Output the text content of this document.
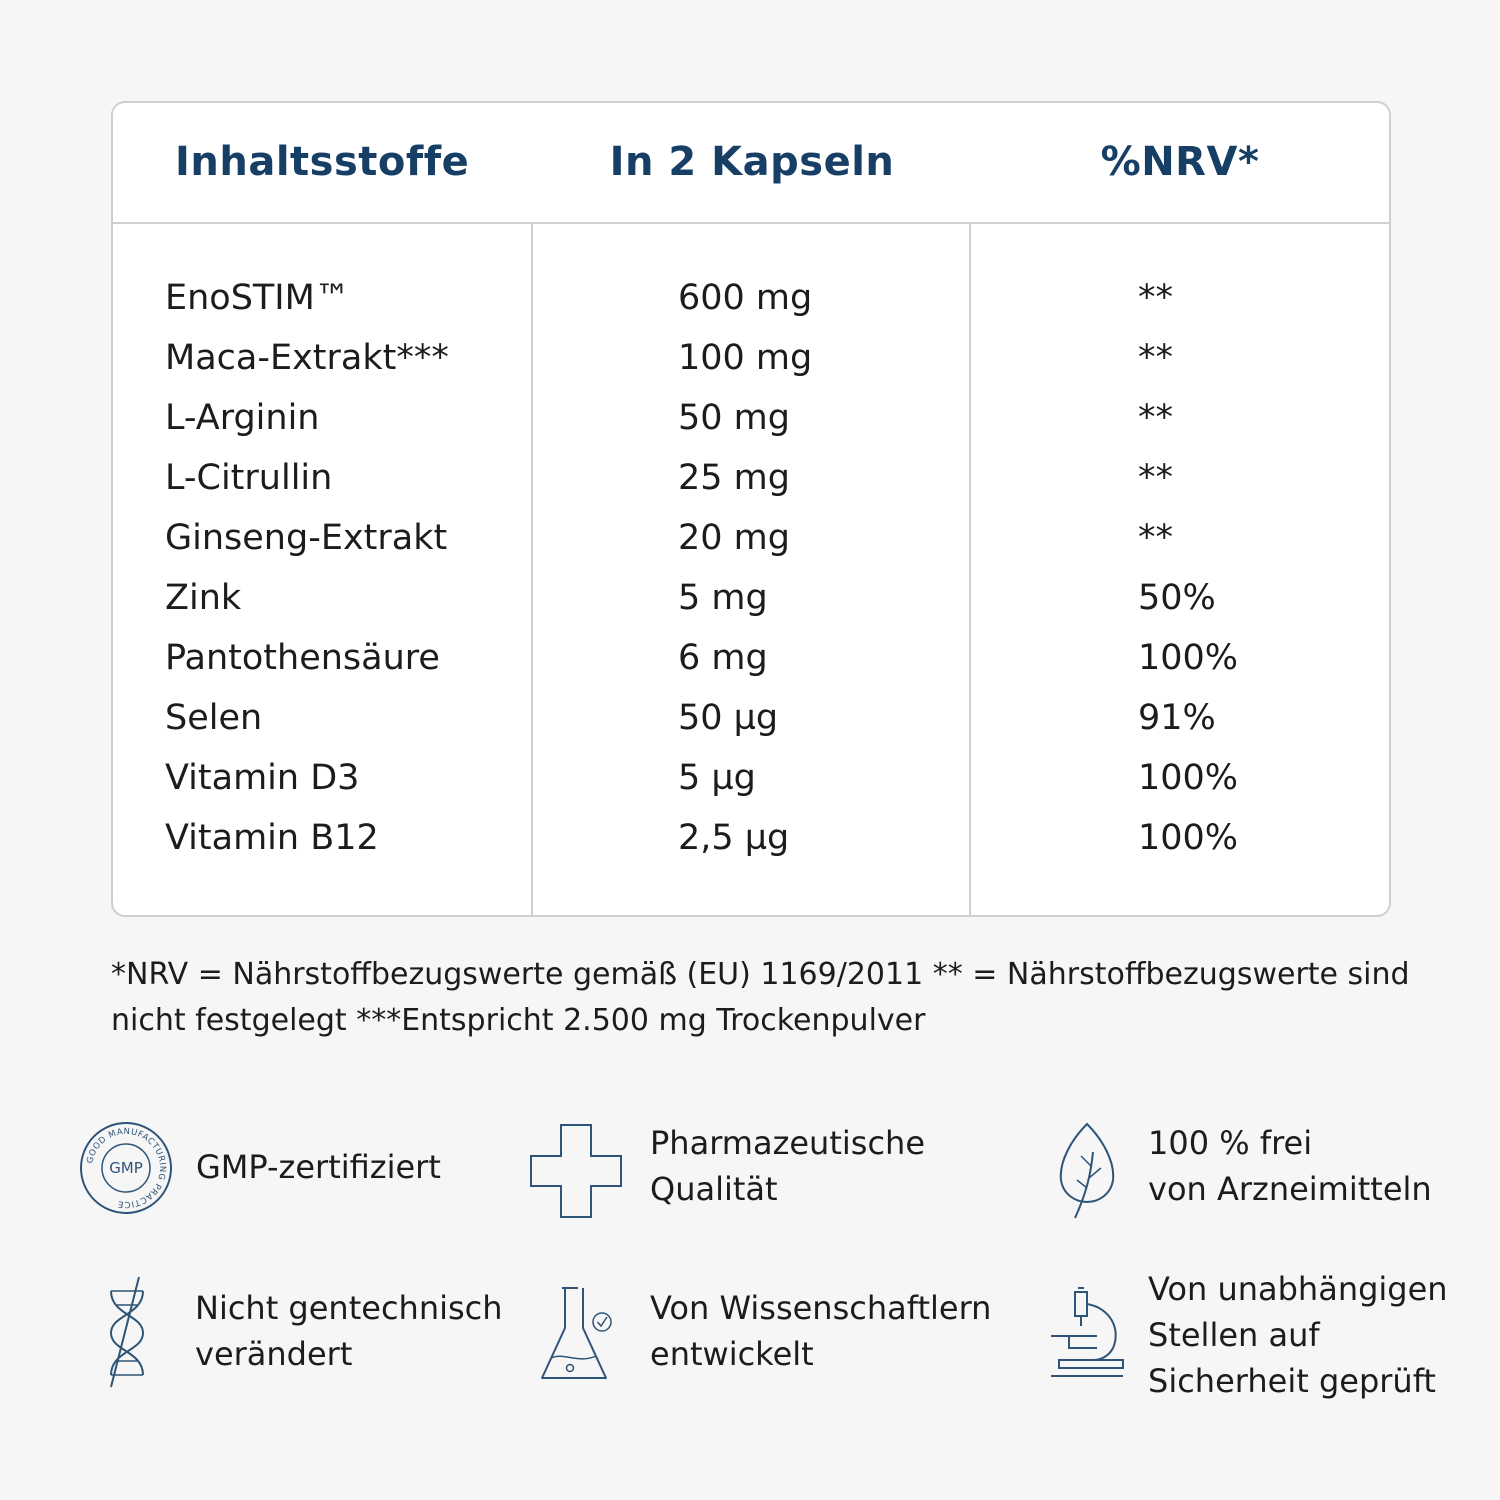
Inhaltsstoffe	In 2 Kapseln	%NRV*
EnoSTIM™	600 mg	**
Maca-Extrakt***	100 mg	**
L-Arginin	50 mg	**
L-Citrullin	25 mg	**
Ginseng-Extrakt	20 mg	**
Zink	5 mg	50%
Pantothensäure	6 mg	100%
Selen	50 µg	91%
Vitamin D3	5 µg	100%
Vitamin B12	2,5 µg	100%

*NRV = Nährstoffbezugswerte gemäß (EU) 1169/2011 ** = Nährstoffbezugswerte sind nicht festgelegt ***Entspricht 2.500 mg Trockenpulver

GOOD MANUFACTURING PRACTICE
GMP GMP-zertifiziert
Pharmazeutische
Qualität
100 % frei
von Arzneimitteln
Nicht gentechnisch
verändert
Von Wissenschaftlern
entwickelt
Von unabhängigen
Stellen auf
Sicherheit geprüft
